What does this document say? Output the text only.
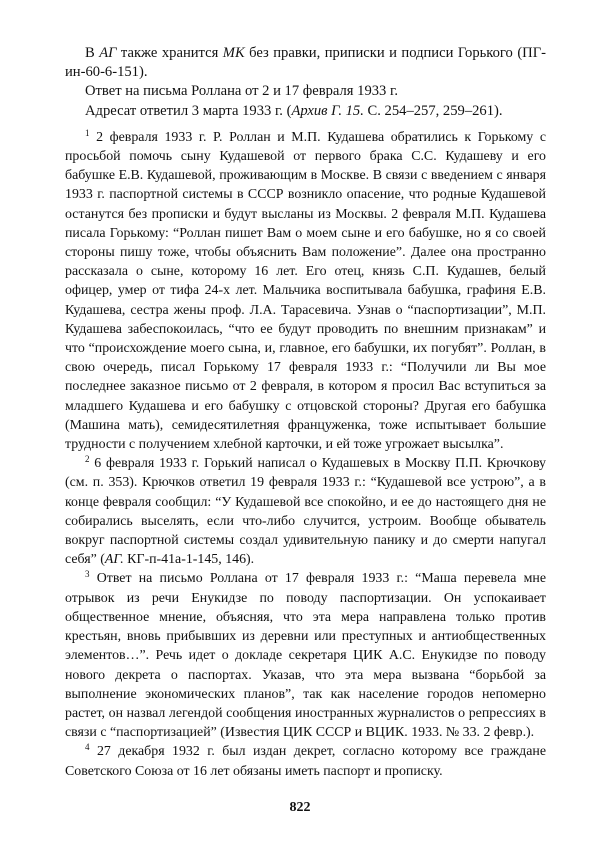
В АГ также хранится МК без правки, приписки и подписи Горького (ПГ-ин-60-6-151).

Ответ на письма Роллана от 2 и 17 февраля 1933 г.

Адресат ответил 3 марта 1933 г. (Архив Г. 15. С. 254–257, 259–261).

$^1$ 2 февраля 1933 г. Р. Роллан и М.П. Кудашева обратились к Горькому с просьбой помочь сыну Кудашевой от первого брака С.С. Кудашеву и его бабушке Е.В. Кудашевой, проживающим в Москве. В связи с введением с января 1933 г. паспортной системы в СССР возникло опасение, что родные Кудашевой останутся без прописки и будут высланы из Москвы. 2 февраля М.П. Кудашева писала Горькому: “Роллан пишет Вам о моем сыне и его бабушке, но я со своей стороны пишу тоже, чтобы объяснить Вам положение”. Далее она пространно рассказала о сыне, которому 16 лет. Его отец, князь С.П. Кудашев, белый офицер, умер от тифа 24-х лет. Мальчика воспитывала бабушка, графиня Е.В. Кудашева, сестра жены проф. Л.А. Тарасевича. Узнав о “паспортизации”, М.П. Кудашева забеспокоилась, “что ее будут проводить по внешним признакам” и что “происхождение моего сына, и, главное, его бабушки, их погубят”. Роллан, в свою очередь, писал Горькому 17 февраля 1933 г.: “Получили ли Вы мое последнее заказное письмо от 2 февраля, в котором я просил Вас вступиться за младшего Кудашева и его бабушку с отцовской стороны? Другая его бабушка (Машина мать), семидесятилетняя француженка, тоже испытывает большие трудности с получением хлебной карточки, и ей тоже угрожает высылка”.

$^2$ 6 февраля 1933 г. Горький написал о Кудашевых в Москву П.П. Крючкову (см. п. 353). Крючков ответил 19 февраля 1933 г.: “Кудашевой все устрою”, а в конце февраля сообщил: “У Кудашевой все спокойно, и ее до настоящего дня не собирались выселять, если что-либо случится, устроим. Вообще обыватель вокруг паспортной системы создал удивительную панику и до смерти напугал себя” (АГ. КГ-п-41а-1-145, 146).

$^3$ Ответ на письмо Роллана от 17 февраля 1933 г.: “Маша перевела мне отрывок из речи Енукидзе по поводу паспортизации. Он успокаивает общественное мнение, объясняя, что эта мера направлена только против крестьян, вновь прибывших из деревни или преступных и антиобщественных элементов…”. Речь идет о докладе секретаря ЦИК А.С. Енукидзе по поводу нового декрета о паспортах. Указав, что эта мера вызвана “борьбой за выполнение экономических планов”, так как население городов непомерно растет, он назвал легендой сообщения иностранных журналистов о репрессиях в связи с “паспортизацией” (Известия ЦИК СССР и ВЦИК. 1933. № 33. 2 февр.).

$^4$ 27 декабря 1932 г. был издан декрет, согласно которому все граждане Советского Союза от 16 лет обязаны иметь паспорт и прописку.

822
